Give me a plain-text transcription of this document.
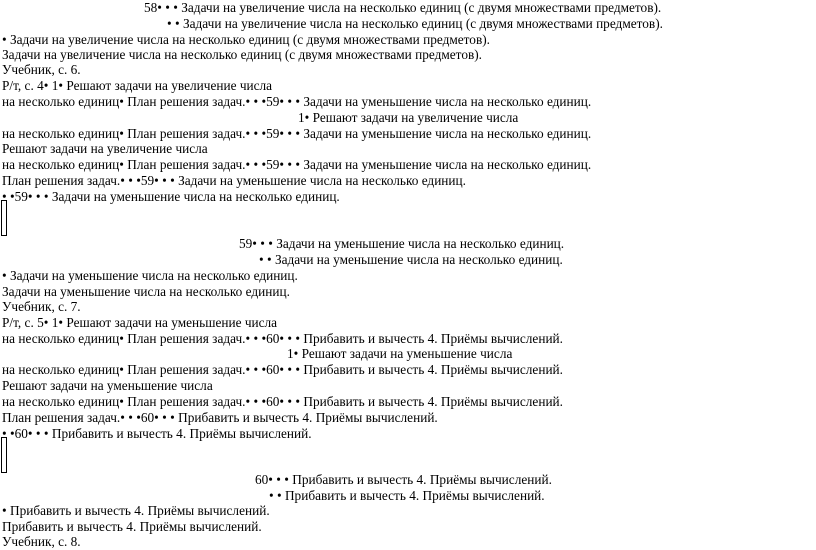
58• • • Задачи на увеличение числа на несколько единиц (с двумя множествами предметов).
• • Задачи на увеличение числа на несколько единиц (с двумя множествами предметов).
• Задачи на увеличение числа на несколько единиц (с двумя множествами предметов).
Задачи на увеличение числа на несколько единиц (с двумя множествами предметов).
Учебник, с. 6.
Р/т, с. 4• 1• Решают задачи на увеличение числа
на несколько единиц• План решения задач.• • •59• • • Задачи на уменьшение числа на несколько единиц.
1• Решают задачи на увеличение числа
на несколько единиц• План решения задач.• • •59• • • Задачи на уменьшение числа на несколько единиц.
Решают задачи на увеличение числа
на несколько единиц• План решения задач.• • •59• • • Задачи на уменьшение числа на несколько единиц.
План решения задач.• • •59• • • Задачи на уменьшение числа на несколько единиц.
• •59• • • Задачи на уменьшение числа на несколько единиц.
59• • • Задачи на уменьшение числа на несколько единиц.
• • Задачи на уменьшение числа на несколько единиц.
• Задачи на уменьшение числа на несколько единиц.
Задачи на уменьшение числа на несколько единиц.
Учебник, с. 7.
Р/т, с. 5• 1• Решают задачи на уменьшение числа
на несколько единиц• План решения задач.• • •60• • • Прибавить и вычесть 4. Приёмы вычислений.
1• Решают задачи на уменьшение числа
на несколько единиц• План решения задач.• • •60• • • Прибавить и вычесть 4. Приёмы вычислений.
Решают задачи на уменьшение числа
на несколько единиц• План решения задач.• • •60• • • Прибавить и вычесть 4. Приёмы вычислений.
План решения задач.• • •60• • • Прибавить и вычесть 4. Приёмы вычислений.
• •60• • • Прибавить и вычесть 4. Приёмы вычислений.
60• • • Прибавить и вычесть 4. Приёмы вычислений.
• • Прибавить и вычесть 4. Приёмы вычислений.
• Прибавить и вычесть 4. Приёмы вычислений.
Прибавить и вычесть 4. Приёмы вычислений.
Учебник, с. 8.
